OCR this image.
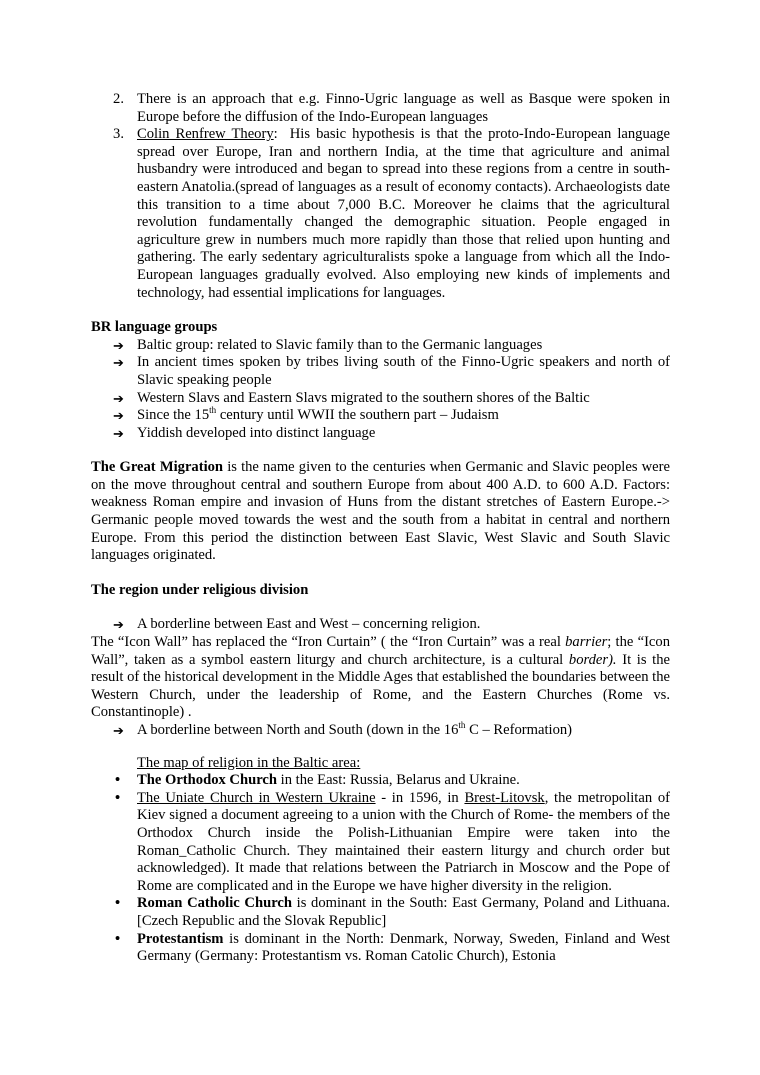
2. There is an approach that e.g. Finno-Ugric language as well as Basque were spoken in Europe before the diffusion of the Indo-European languages
3. Colin Renfrew Theory:  His basic hypothesis is that the proto-Indo-European language spread over Europe, Iran and northern India, at the time that agriculture and animal husbandry were introduced and began to spread into these regions from a centre in south-eastern Anatolia.(spread of languages as a result of economy contacts). Archaeologists date this transition to a time about 7,000 B.C. Moreover he claims that the agricultural revolution fundamentally changed the demographic situation. People engaged in agriculture grew in numbers much more rapidly than those that relied upon hunting and gathering. The early sedentary agriculturalists spoke a language from which all the Indo-European languages gradually evolved. Also employing new kinds of implements and technology, had essential implications for languages.
BR language groups
➔ Baltic group: related to Slavic family than to the Germanic languages
➔ In ancient times spoken by tribes living south of the Finno-Ugric speakers and north of Slavic speaking people
➔ Western Slavs and Eastern Slavs migrated to the southern shores of the Baltic
➔ Since the 15th century until WWII the southern part – Judaism
➔ Yiddish developed into distinct language
The Great Migration is the name given to the centuries when Germanic and Slavic peoples were on the move throughout central and southern Europe from about 400 A.D. to 600 A.D. Factors: weakness Roman empire and invasion of Huns from the distant stretches of Eastern Europe.-> Germanic people moved towards the west and the south from a habitat in central and northern Europe. From this period the distinction between East Slavic, West Slavic and South Slavic languages originated.
The region under religious division
➔ A borderline between East and West – concerning religion.
The “Icon Wall” has replaced the “Iron Curtain” ( the “Iron Curtain” was a real barrier; the “Icon Wall”, taken as a symbol eastern liturgy and church architecture, is a cultural border). It is the result of the historical development in the Middle Ages that established the boundaries between the Western Church, under the leadership of Rome, and the Eastern Churches (Rome vs. Constantinople) .
➔ A borderline between North and South (down in the 16th C – Reformation)
The map of religion in the Baltic area:
•	The Orthodox Church in the East: Russia, Belarus and Ukraine.
•	The Uniate Church in Western Ukraine - in 1596, in Brest-Litovsk, the metropolitan of Kiev signed a document agreeing to a union with the Church of Rome- the members of the Orthodox Church inside the Polish-Lithuanian Empire were taken into the Roman_Catholic Church. They maintained their eastern liturgy and church order but acknowledged). It made that relations between the Patriarch in Moscow and the Pope of Rome are complicated and in the Europe we have higher diversity in the religion.
•	Roman Catholic Church is dominant in the South: East Germany, Poland and Lithuana. [Czech Republic and the Slovak Republic]
•	Protestantism is dominant in the North: Denmark, Norway, Sweden, Finland and West Germany (Germany: Protestantism vs. Roman Catolic Church), Estonia
